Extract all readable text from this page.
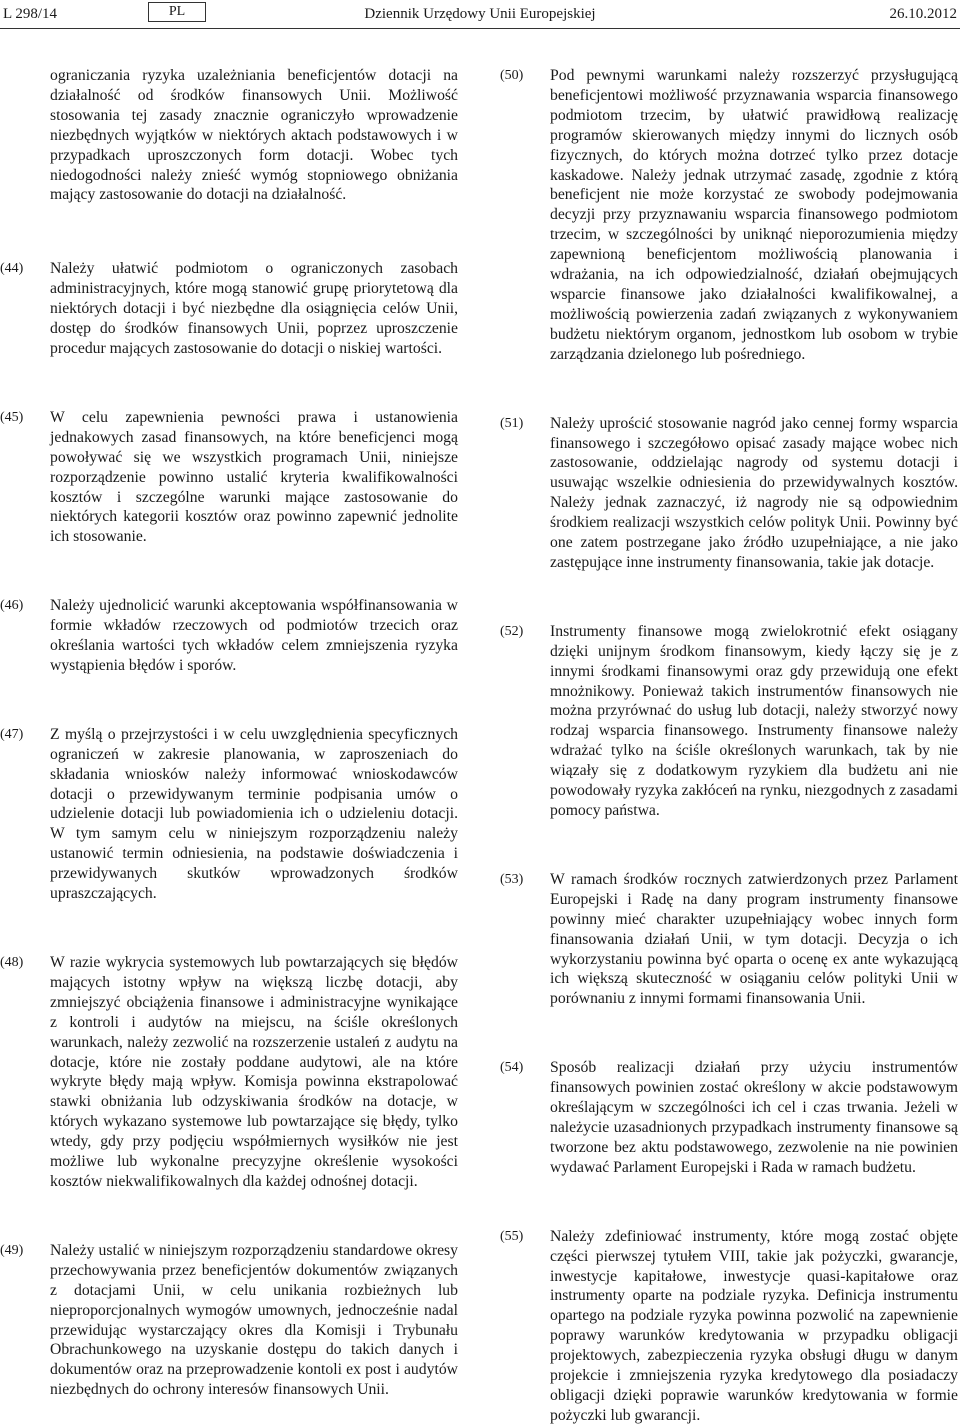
Dziennik Urzędowy Unii Europejskiej
L 298/14	PL	26.10.2012
ograniczania ryzyka uzależniania beneficjentów dotacji na działalność od środków finansowych Unii. Możliwość stosowania tej zasady znacznie ograniczyło wprowadzenie niezbędnych wyjątków w niektórych aktach podstawowych i w przypadkach uproszczonych form dotacji. Wobec tych niedogodności należy znieść wymóg stopniowego obniżania mający zastosowanie do dotacji na działalność.
(44)	Należy ułatwić podmiotom o ograniczonych zasobach administracyjnych, które mogą stanowić grupę priorytetową dla niektórych dotacji i być niezbędne dla osiągnięcia celów Unii, dostęp do środków finansowych Unii, poprzez uproszczenie procedur mających zastosowanie do dotacji o niskiej wartości.
(45)	W celu zapewnienia pewności prawa i ustanowienia jednakowych zasad finansowych, na które beneficjenci mogą powoływać się we wszystkich programach Unii, niniejsze rozporządzenie powinno ustalić kryteria kwalifikowalności kosztów i szczególne warunki mające zastosowanie do niektórych kategorii kosztów oraz powinno zapewnić jednolite ich stosowanie.
(46)	Należy ujednolicić warunki akceptowania współfinansowania w formie wkładów rzeczowych od podmiotów trzecich oraz określania wartości tych wkładów celem zmniejszenia ryzyka wystąpienia błędów i sporów.
(47)	Z myślą o przejrzystości i w celu uwzględnienia specyficznych ograniczeń w zakresie planowania, w zaproszeniach do składania wniosków należy informować wnioskodawców dotacji o przewidywanym terminie podpisania umów o udzielenie dotacji lub powiadomienia ich o udzieleniu dotacji. W tym samym celu w niniejszym rozporządzeniu należy ustanowić termin odniesienia, na podstawie doświadczenia i przewidywanych skutków wprowadzonych środków upraszczających.
(48)	W razie wykrycia systemowych lub powtarzających się błędów mających istotny wpływ na większą liczbę dotacji, aby zmniejszyć obciążenia finansowe i administracyjne wynikające z kontroli i audytów na miejscu, na ściśle określonych warunkach, należy zezwolić na rozszerzenie ustaleń z audytu na dotacje, które nie zostały poddane audytowi, ale na które wykryte błędy mają wpływ. Komisja powinna ekstrapolować stawki obniżania lub odzyskiwania środków na dotacje, w których wykazano systemowe lub powtarzające się błędy, tylko wtedy, gdy przy podjęciu współmiernych wysiłków nie jest możliwe lub wykonalne precyzyjne określenie wysokości kosztów niekwalifikowalnych dla każdej odnośnej dotacji.
(49)	Należy ustalić w niniejszym rozporządzeniu standardowe okresy przechowywania przez beneficjentów dokumentów związanych z dotacjami Unii, w celu unikania rozbieżnych lub nieproporcjonalnych wymogów umownych, jednocześnie nadal przewidując wystarczający okres dla Komisji i Trybunału Obrachunkowego na uzyskanie dostępu do takich danych i dokumentów oraz na przeprowadzenie kontoli ex post i audytów niezbędnych do ochrony interesów finansowych Unii.
(50)	Pod pewnymi warunkami należy rozszerzyć przysługującą beneficjentowi możliwość przyznawania wsparcia finansowego podmiotom trzecim, by ułatwić prawidłową realizację programów skierowanych między innymi do licznych osób fizycznych, do których można dotrzeć tylko przez dotacje kaskadowe. Należy jednak utrzymać zasadę, zgodnie z którą beneficjent nie może korzystać ze swobody podejmowania decyzji przy przyznawaniu wsparcia finansowego podmiotom trzecim, w szczególności by uniknąć nieporozumienia między zapewnioną beneficjentom możliwością planowania i wdrażania, na ich odpowiedzialność, działań obejmujących wsparcie finansowe jako działalności kwalifikowalnej, a możliwością powierzenia zadań związanych z wykonywaniem budżetu niektórym organom, jednostkom lub osobom w trybie zarządzania dzielonego lub pośredniego.
(51)	Należy uprościć stosowanie nagród jako cennej formy wsparcia finansowego i szczegółowo opisać zasady mające wobec nich zastosowanie, oddzielając nagrody od systemu dotacji i usuwając wszelkie odniesienia do przewidywalnych kosztów. Należy jednak zaznaczyć, iż nagrody nie są odpowiednim środkiem realizacji wszystkich celów polityk Unii. Powinny być one zatem postrzegane jako źródło uzupełniające, a nie jako zastępujące inne instrumenty finansowania, takie jak dotacje.
(52)	Instrumenty finansowe mogą zwielokrotnić efekt osiągany dzięki unijnym środkom finansowym, kiedy łączy się je z innymi środkami finansowymi oraz gdy przewidują one efekt mnożnikowy. Ponieważ takich instrumentów finansowych nie można przyrównać do usług lub dotacji, należy stworzyć nowy rodzaj wsparcia finansowego. Instrumenty finansowe należy wdrażać tylko na ściśle określonych warunkach, tak by nie wiązały się z dodatkowym ryzykiem dla budżetu ani nie powodowały ryzyka zakłóceń na rynku, niezgodnych z zasadami pomocy państwa.
(53)	W ramach środków rocznych zatwierdzonych przez Parlament Europejski i Radę na dany program instrumenty finansowe powinny mieć charakter uzupełniający wobec innych form finansowania działań Unii, w tym dotacji. Decyzja o ich wykorzystaniu powinna być oparta o ocenę ex ante wykazującą ich większą skuteczność w osiąganiu celów polityki Unii w porównaniu z innymi formami finansowania Unii.
(54)	Sposób realizacji działań przy użyciu instrumentów finansowych powinien zostać określony w akcie podstawowym określającym w szczególności ich cel i czas trwania. Jeżeli w należycie uzasadnionych przypadkach instrumenty finansowe są tworzone bez aktu podstawowego, zezwolenie na nie powinien wydawać Parlament Europejski i Rada w ramach budżetu.
(55)	Należy zdefiniować instrumenty, które mogą zostać objęte części pierwszej tytułem VIII, takie jak pożyczki, gwarancje, inwestycje kapitałowe, inwestycje quasi-kapitałowe oraz instrumenty oparte na podziale ryzyka. Definicja instrumentu opartego na podziale ryzyka powinna pozwolić na zapewnienie poprawy warunków kredytowania w przypadku obligacji projektowych, zabezpieczenia ryzyka obsługi długu w danym projekcie i zmniejszenia ryzyka kredytowego dla posiadaczy obligacji dzięki poprawie warunków kredytowania w formie pożyczki lub gwarancji.
